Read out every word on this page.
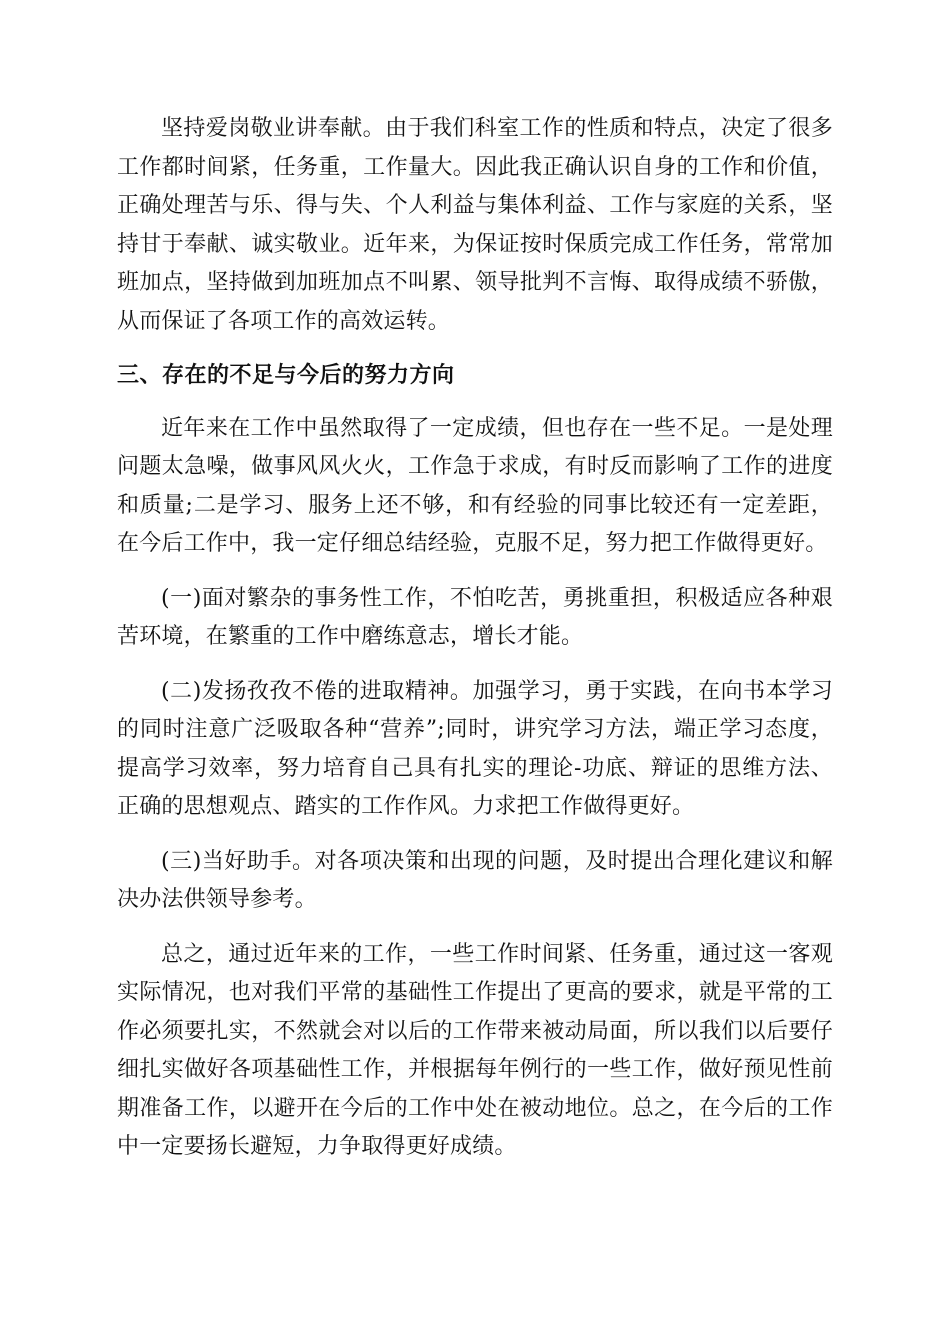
坚持爱岗敬业讲奉献。由于我们科室工作的性质和特点，决定了很多工作都时间紧，任务重，工作量大。因此我正确认识自身的工作和价值，正确处理苦与乐、得与失、个人利益与集体利益、工作与家庭的关系，坚持甘于奉献、诚实敬业。近年来，为保证按时保质完成工作任务，常常加班加点，坚持做到加班加点不叫累、领导批判不言悔、取得成绩不骄傲，从而保证了各项工作的高效运转。

三、存在的不足与今后的努力方向

近年来在工作中虽然取得了一定成绩，但也存在一些不足。一是处理问题太急噪，做事风风火火，工作急于求成，有时反而影响了工作的进度和质量;二是学习、服务上还不够，和有经验的同事比较还有一定差距，在今后工作中，我一定仔细总结经验，克服不足，努力把工作做得更好。

(一)面对繁杂的事务性工作，不怕吃苦，勇挑重担，积极适应各种艰苦环境，在繁重的工作中磨练意志，增长才能。

(二)发扬孜孜不倦的进取精神。加强学习，勇于实践，在向书本学习的同时注意广泛吸取各种“营养”;同时，讲究学习方法，端正学习态度，提高学习效率，努力培育自己具有扎实的理论-功底、辩证的思维方法、正确的思想观点、踏实的工作作风。力求把工作做得更好。

(三)当好助手。对各项决策和出现的问题，及时提出合理化建议和解决办法供领导参考。

总之，通过近年来的工作，一些工作时间紧、任务重，通过这一客观实际情况，也对我们平常的基础性工作提出了更高的要求，就是平常的工作必须要扎实，不然就会对以后的工作带来被动局面，所以我们以后要仔细扎实做好各项基础性工作，并根据每年例行的一些工作，做好预见性前期准备工作，以避开在今后的工作中处在被动地位。总之，在今后的工作中一定要扬长避短，力争取得更好成绩。
